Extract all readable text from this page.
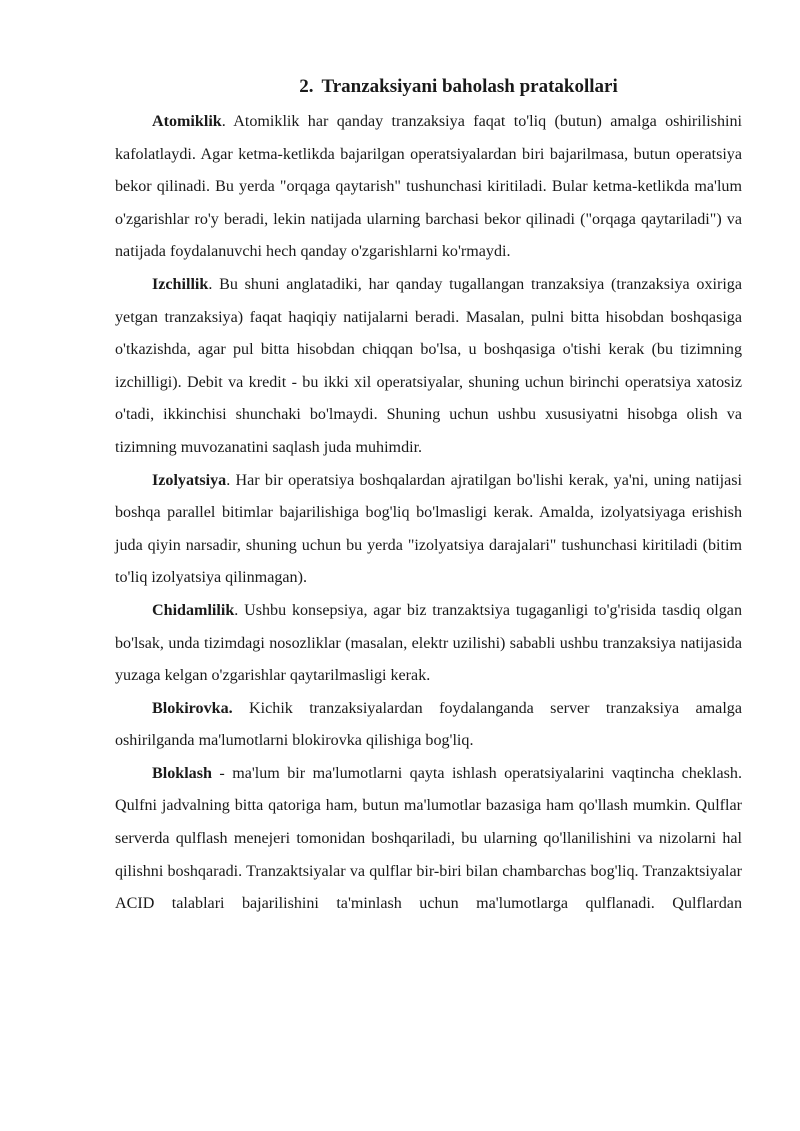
2. Tranzaksiyani baholash pratakollari

Atomiklik. Atomiklik har qanday tranzaksiya faqat to'liq (butun) amalga oshirilishini kafolatlaydi. Agar ketma-ketlikda bajarilgan operatsiyalardan biri bajarilmasa, butun operatsiya bekor qilinadi. Bu yerda "orqaga qaytarish" tushunchasi kiritiladi. Bular ketma-ketlikda ma'lum o'zgarishlar ro'y beradi, lekin natijada ularning barchasi bekor qilinadi ("orqaga qaytariladi") va natijada foydalanuvchi hech qanday o'zgarishlarni ko'rmaydi.

Izchillik. Bu shuni anglatadiki, har qanday tugallangan tranzaksiya (tranzaksiya oxiriga yetgan tranzaksiya) faqat haqiqiy natijalarni beradi. Masalan, pulni bitta hisobdan boshqasiga o'tkazishda, agar pul bitta hisobdan chiqqan bo'lsa, u boshqasiga o'tishi kerak (bu tizimning izchilligi). Debit va kredit - bu ikki xil operatsiyalar, shuning uchun birinchi operatsiya xatosiz o'tadi, ikkinchisi shunchaki bo'lmaydi. Shuning uchun ushbu xususiyatni hisobga olish va tizimning muvozanatini saqlash juda muhimdir.

Izolyatsiya. Har bir operatsiya boshqalardan ajratilgan bo'lishi kerak, ya'ni, uning natijasi boshqa parallel bitimlar bajarilishiga bog'liq bo'lmasligi kerak. Amalda, izolyatsiyaga erishish juda qiyin narsadir, shuning uchun bu yerda "izolyatsiya darajalari" tushunchasi kiritiladi (bitim to'liq izolyatsiya qilinmagan).

Chidamlilik. Ushbu konsepsiya, agar biz tranzaktsiya tugaganligi to'g'risida tasdiq olgan bo'lsak, unda tizimdagi nosozliklar (masalan, elektr uzilishi) sababli ushbu tranzaksiya natijasida yuzaga kelgan o'zgarishlar qaytarilmasligi kerak.

Blokirovka. Kichik tranzaksiyalardan foydalanganda server tranzaksiya amalga oshirilganda ma'lumotlarni blokirovka qilishiga bog'liq.

Bloklash - ma'lum bir ma'lumotlarni qayta ishlash operatsiyalarini vaqtincha cheklash. Qulfni jadvalning bitta qatoriga ham, butun ma'lumotlar bazasiga ham qo'llash mumkin. Qulflar serverda qulflash menejeri tomonidan boshqariladi, bu ularning qo'llanilishini va nizolarni hal qilishni boshqaradi. Tranzaktsiyalar va qulflar bir-biri bilan chambarchas bog'liq. Tranzaktsiyalar ACID talablari bajarilishini ta'minlash uchun ma'lumotlarga qulflanadi. Qulflardan
